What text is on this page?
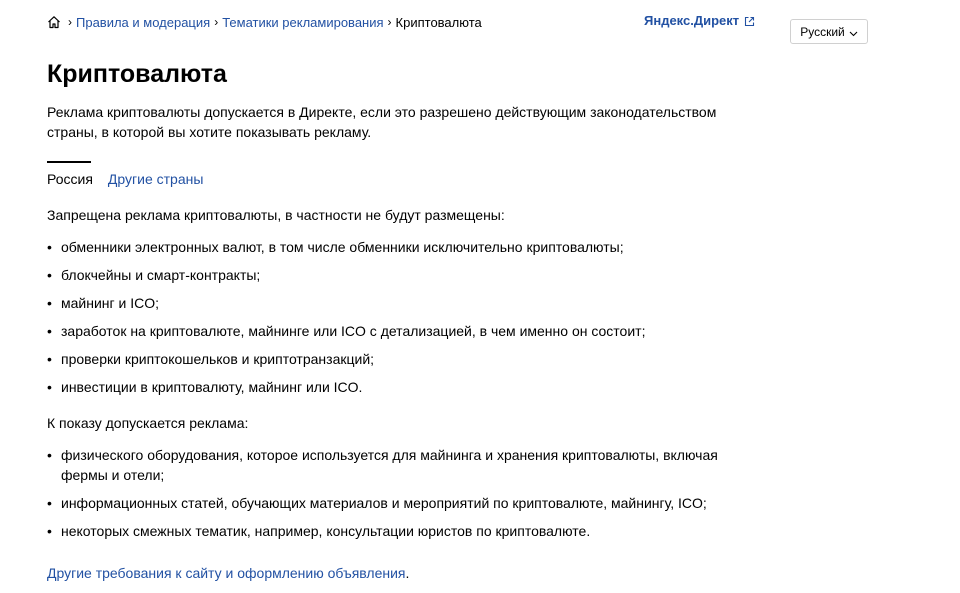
› Правила и модерация › Тематики рекламирования › Криптовалюта	Яндекс.Директ
Русский
Криптовалюта

Реклама криптовалюты допускается в Директе, если это разрешено действующим законодательством страны, в которой вы хотите показывать рекламу.

Россия Другие страны

Запрещена реклама криптовалюты, в частности не будут размещены:

• обменники электронных валют, в том числе обменники исключительно криптовалюты;
• блокчейны и смарт-контракты;
• майнинг и ICO;
• заработок на криптовалюте, майнинге или ICO с детализацией, в чем именно он состоит;
• проверки криптокошельков и криптотранзакций;
• инвестиции в криптовалюту, майнинг или ICO.

К показу допускается реклама:

• физического оборудования, которое используется для майнинга и хранения криптовалюты, включая фермы и отели;
• информационных статей, обучающих материалов и мероприятий по криптовалюте, майнингу, ICO;
• некоторых смежных тематик, например, консультации юристов по криптовалюте.
Другие требования к сайту и оформлению объявления.
